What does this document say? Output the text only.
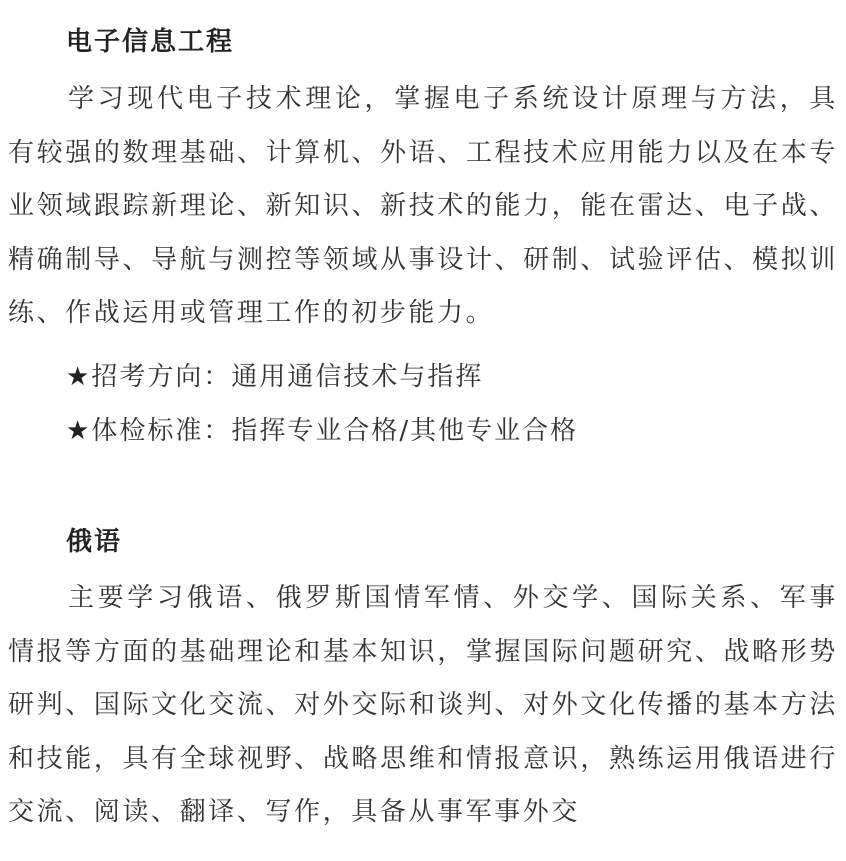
电子信息工程

学习现代电子技术理论，掌握电子系统设计原理与方法，具有较强的数理基础、计算机、外语、工程技术应用能力以及在本专业领域跟踪新理论、新知识、新技术的能力，能在雷达、电子战、精确制导、导航与测控等领域从事设计、研制、试验评估、模拟训练、作战运用或管理工作的初步能力。

★招考方向：通用通信技术与指挥
★体检标准：指挥专业合格/其他专业合格
俄语

主要学习俄语、俄罗斯国情军情、外交学、国际关系、军事情报等方面的基础理论和基本知识，掌握国际问题研究、战略形势研判、国际文化交流、对外交际和谈判、对外文化传播的基本方法和技能，具有全球视野、战略思维和情报意识，熟练运用俄语进行交流、阅读、翻译、写作，具备从事军事外交
